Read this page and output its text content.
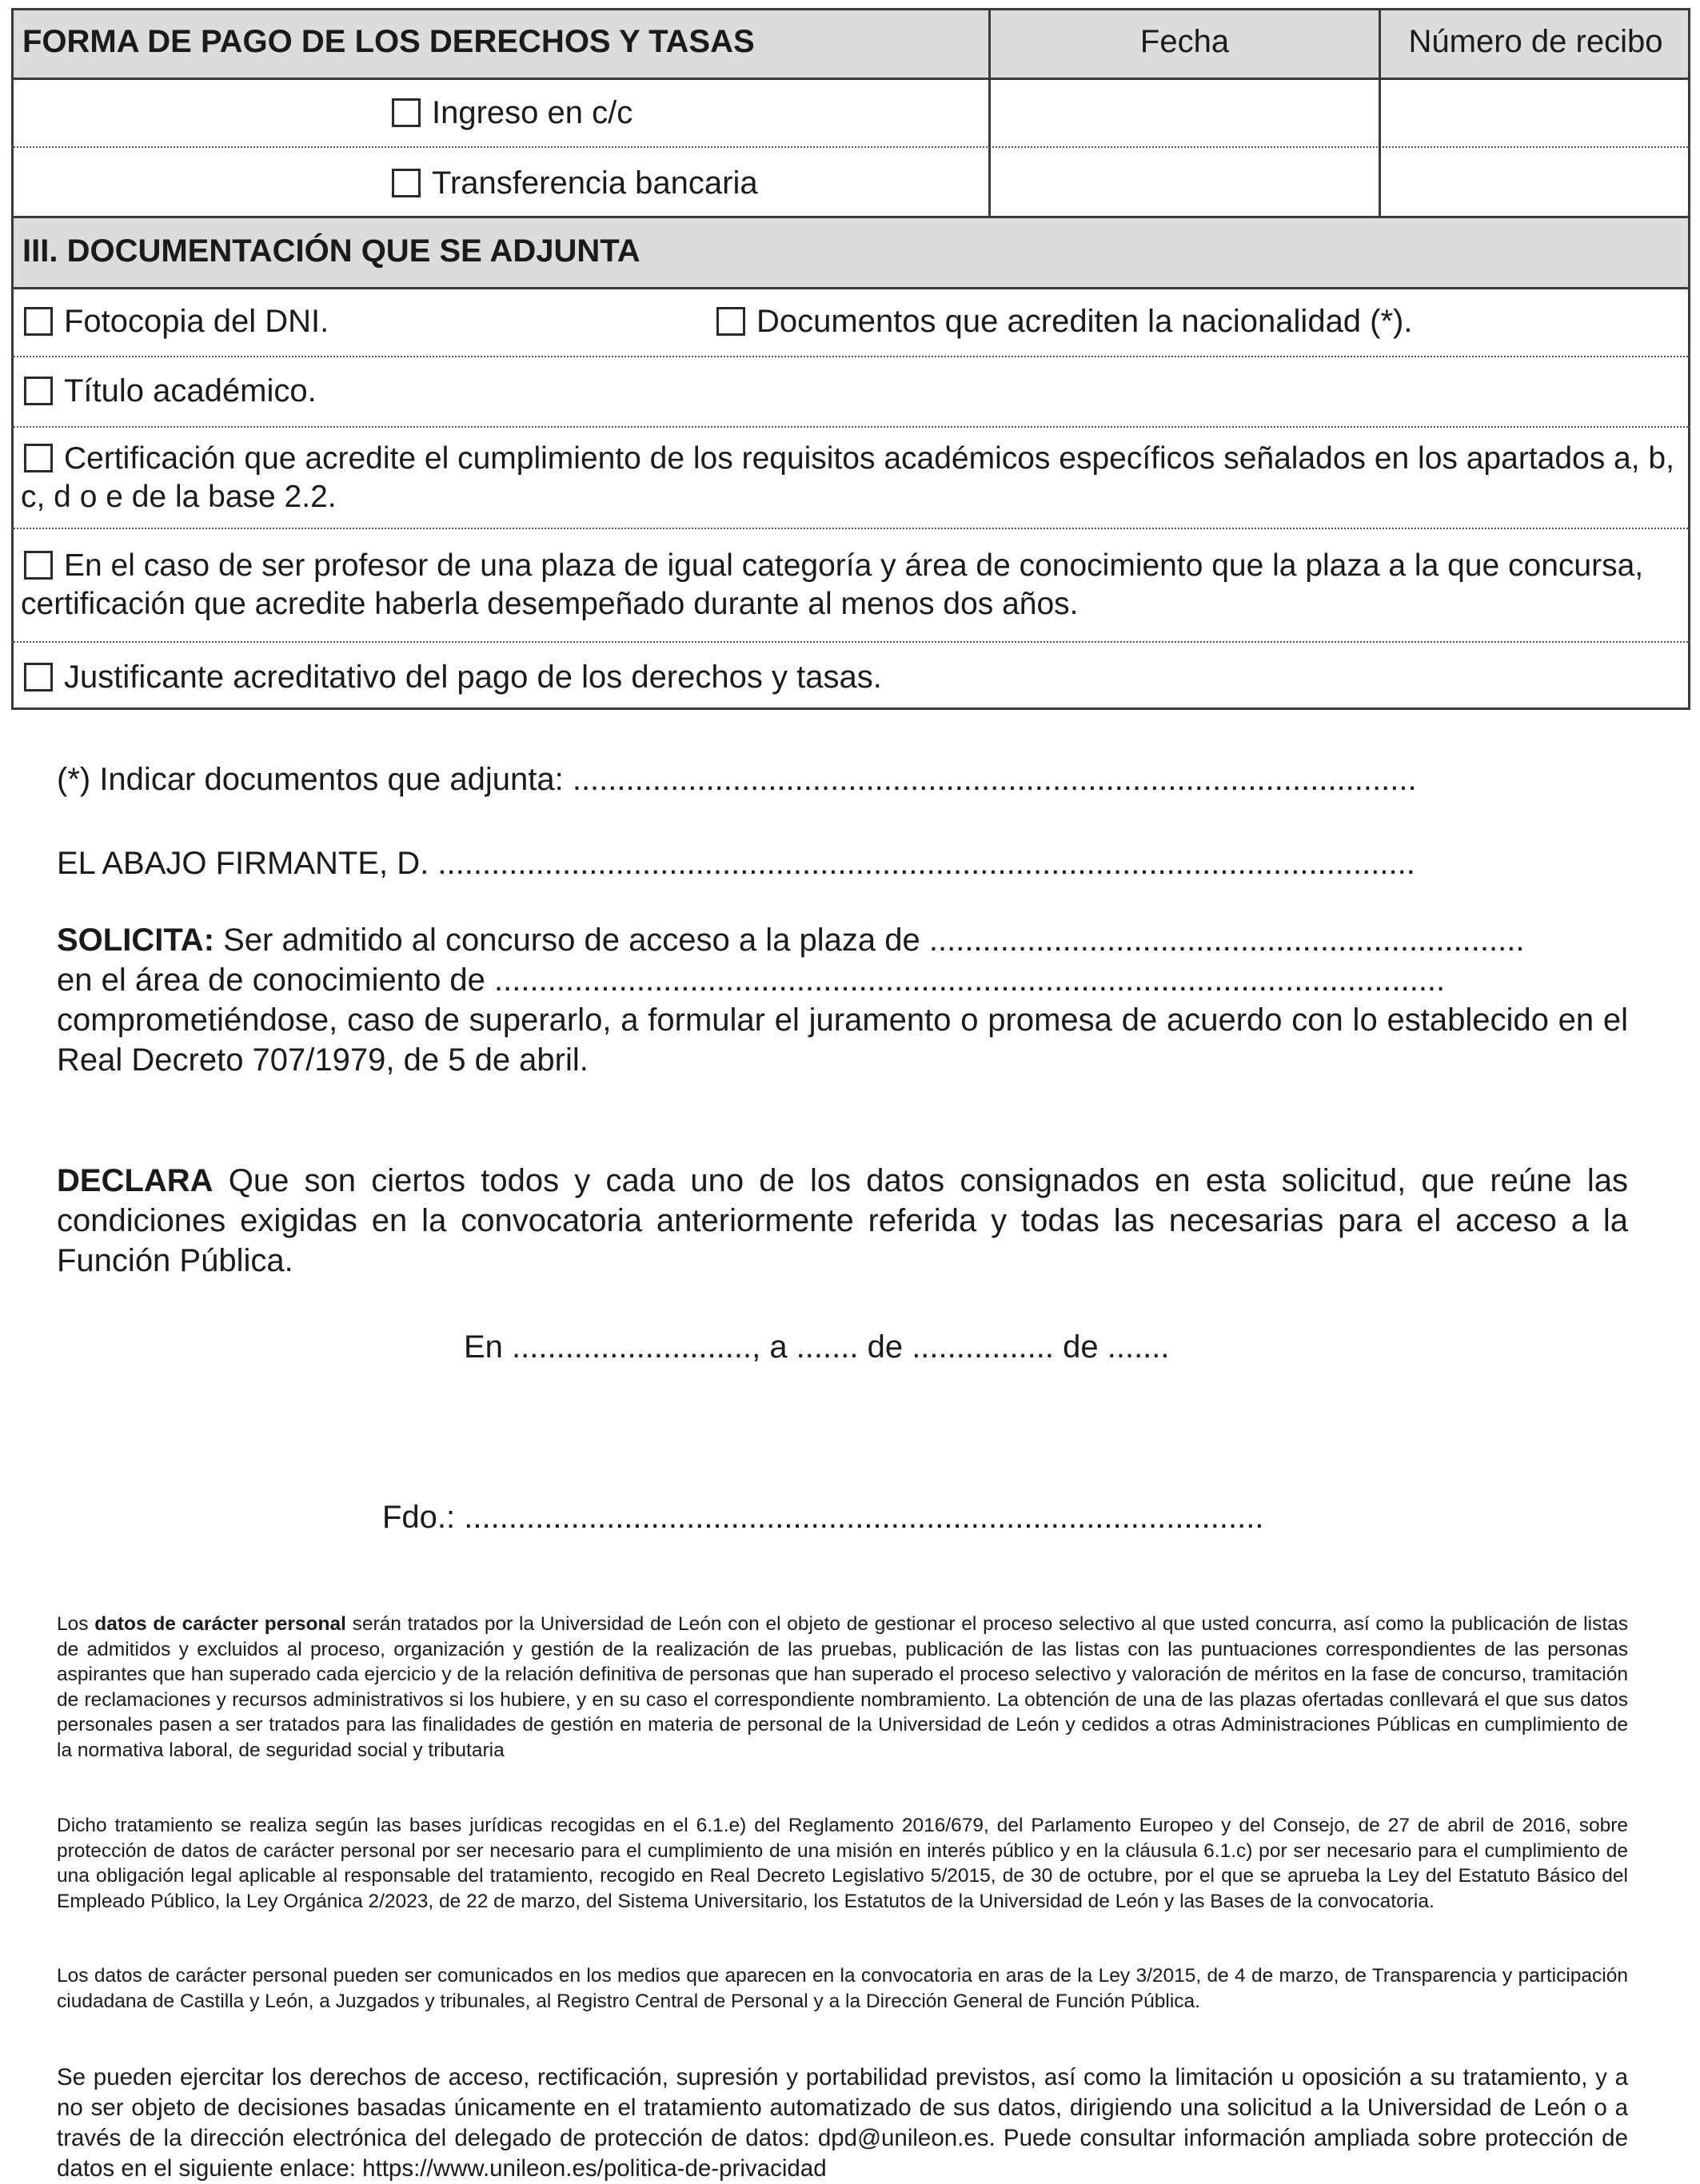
FORMA DE PAGO DE LOS DERECHOS Y TASAS	Fecha	Número de recibo
Ingreso en c/c
Transferencia bancaria
III. DOCUMENTACIÓN QUE SE ADJUNTA
Fotocopia del DNI.	Documentos que acrediten la nacionalidad (*).
Título académico.
Certificación que acredite el cumplimiento de los requisitos académicos específicos señalados en los apartados a, b, c, d o e de la base 2.2.
En el caso de ser profesor de una plaza de igual categoría y área de conocimiento que la plaza a la que concursa, certificación que acredite haberla desempeñado durante al menos dos años.
Justificante acreditativo del pago de los derechos y tasas.
(*) Indicar documentos que adjunta: ...............................................................................................
EL ABAJO FIRMANTE, D. ..............................................................................................................
SOLICITA: Ser admitido al concurso de acceso a la plaza de ...................................................................
en el área de conocimiento de ...........................................................................................................
comprometiéndose, caso de superarlo, a formular el juramento o promesa de acuerdo con lo establecido en el Real Decreto 707/1979, de 5 de abril.
DECLARA Que son ciertos todos y cada uno de los datos consignados en esta solicitud, que reúne las condiciones exigidas en la convocatoria anteriormente referida y todas las necesarias para el acceso a la Función Pública.
En ..........................., a ....... de ................ de .......
Fdo.: ..........................................................................................
Los datos de carácter personal serán tratados por la Universidad de León con el objeto de gestionar el proceso selectivo al que usted concurra, así como la publicación de listas de admitidos y excluidos al proceso, organización y gestión de la realización de las pruebas, publicación de las listas con las puntuaciones correspondientes de las personas aspirantes que han superado cada ejercicio y de la relación definitiva de personas que han superado el proceso selectivo y valoración de méritos en la fase de concurso, tramitación de reclamaciones y recursos administrativos si los hubiere, y en su caso el correspondiente nombramiento. La obtención de una de las plazas ofertadas conllevará el que sus datos personales pasen a ser tratados para las finalidades de gestión en materia de personal de la Universidad de León y cedidos a otras Administraciones Públicas en cumplimiento de la normativa laboral, de seguridad social y tributaria
Dicho tratamiento se realiza según las bases jurídicas recogidas en el 6.1.e) del Reglamento 2016/679, del Parlamento Europeo y del Consejo, de 27 de abril de 2016, sobre protección de datos de carácter personal por ser necesario para el cumplimiento de una misión en interés público y en la cláusula 6.1.c) por ser necesario para el cumplimiento de una obligación legal aplicable al responsable del tratamiento, recogido en Real Decreto Legislativo 5/2015, de 30 de octubre, por el que se aprueba la Ley del Estatuto Básico del Empleado Público, la Ley Orgánica 2/2023, de 22 de marzo, del Sistema Universitario, los Estatutos de la Universidad de León y las Bases de la convocatoria.
Los datos de carácter personal pueden ser comunicados en los medios que aparecen en la convocatoria en aras de la Ley 3/2015, de 4 de marzo, de Transparencia y participación ciudadana de Castilla y León, a Juzgados y tribunales, al Registro Central de Personal y a la Dirección General de Función Pública.
Se pueden ejercitar los derechos de acceso, rectificación, supresión y portabilidad previstos, así como la limitación u oposición a su tratamiento, y a no ser objeto de decisiones basadas únicamente en el tratamiento automatizado de sus datos, dirigiendo una solicitud a la Universidad de León o a través de la dirección electrónica del delegado de protección de datos: dpd@unileon.es. Puede consultar información ampliada sobre protección de datos en el siguiente enlace: https://www.unileon.es/politica-de-privacidad
